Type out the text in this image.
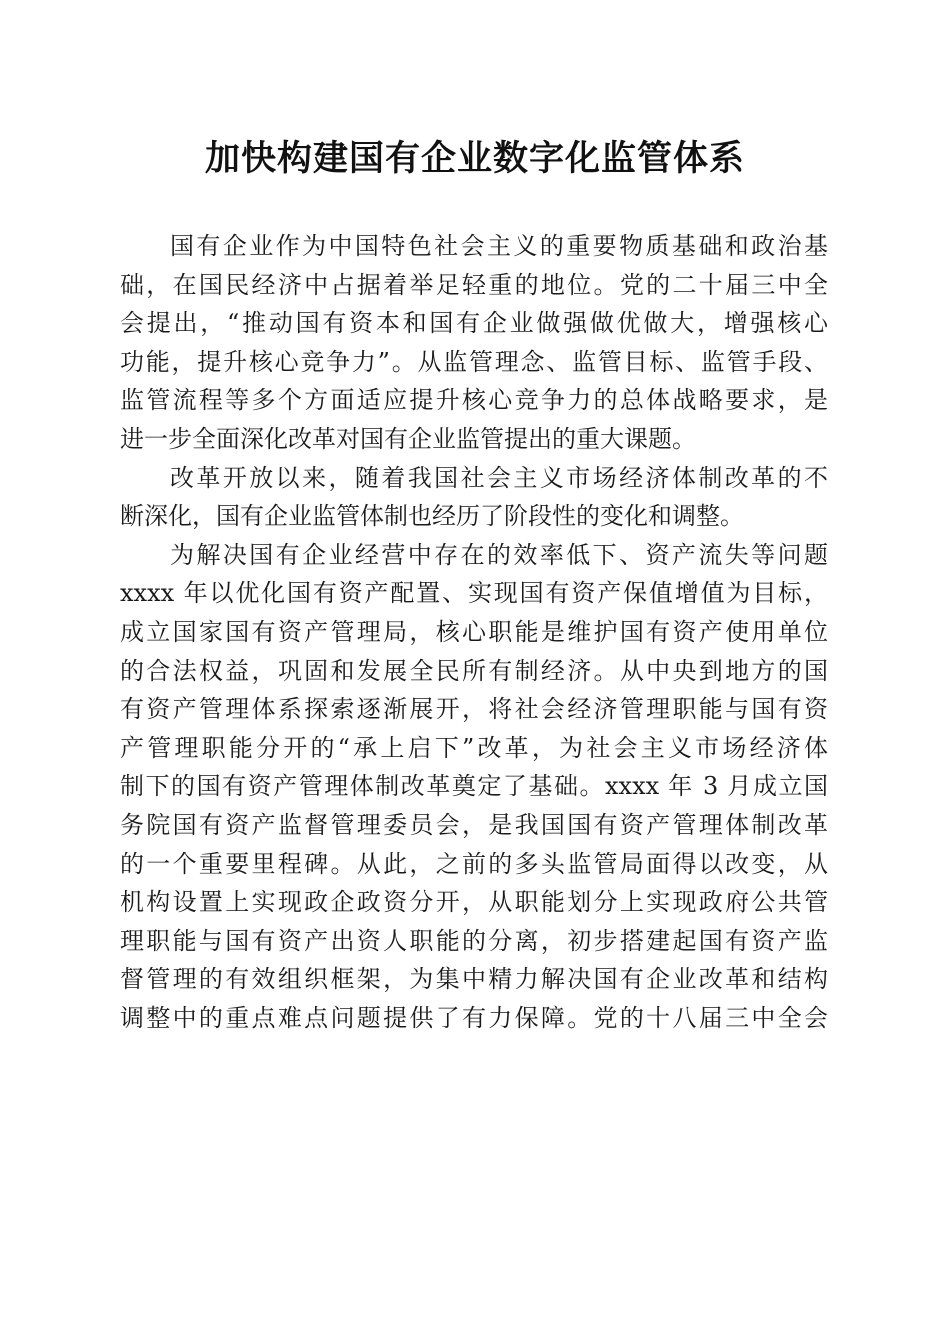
加快构建国有企业数字化监管体系
国有企业作为中国特色社会主义的重要物质基础和政治基
础，在国民经济中占据着举足轻重的地位。党的二十届三中全
会提出，“推动国有资本和国有企业做强做优做大，增强核心
功能，提升核心竞争力”。从监管理念、监管目标、监管手段、
监管流程等多个方面适应提升核心竞争力的总体战略要求，是
进一步全面深化改革对国有企业监管提出的重大课题。
改革开放以来，随着我国社会主义市场经济体制改革的不
断深化，国有企业监管体制也经历了阶段性的变化和调整。
为解决国有企业经营中存在的效率低下、资产流失等问题
xxxx 年以优化国有资产配置、实现国有资产保值增值为目标，
成立国家国有资产管理局，核心职能是维护国有资产使用单位
的合法权益，巩固和发展全民所有制经济。从中央到地方的国
有资产管理体系探索逐渐展开，将社会经济管理职能与国有资
产管理职能分开的“承上启下”改革，为社会主义市场经济体
制下的国有资产管理体制改革奠定了基础。xxxx 年 3 月成立国
务院国有资产监督管理委员会，是我国国有资产管理体制改革
的一个重要里程碑。从此，之前的多头监管局面得以改变，从
机构设置上实现政企政资分开，从职能划分上实现政府公共管
理职能与国有资产出资人职能的分离，初步搭建起国有资产监
督管理的有效组织框架，为集中精力解决国有企业改革和结构
调整中的重点难点问题提供了有力保障。党的十八届三中全会
